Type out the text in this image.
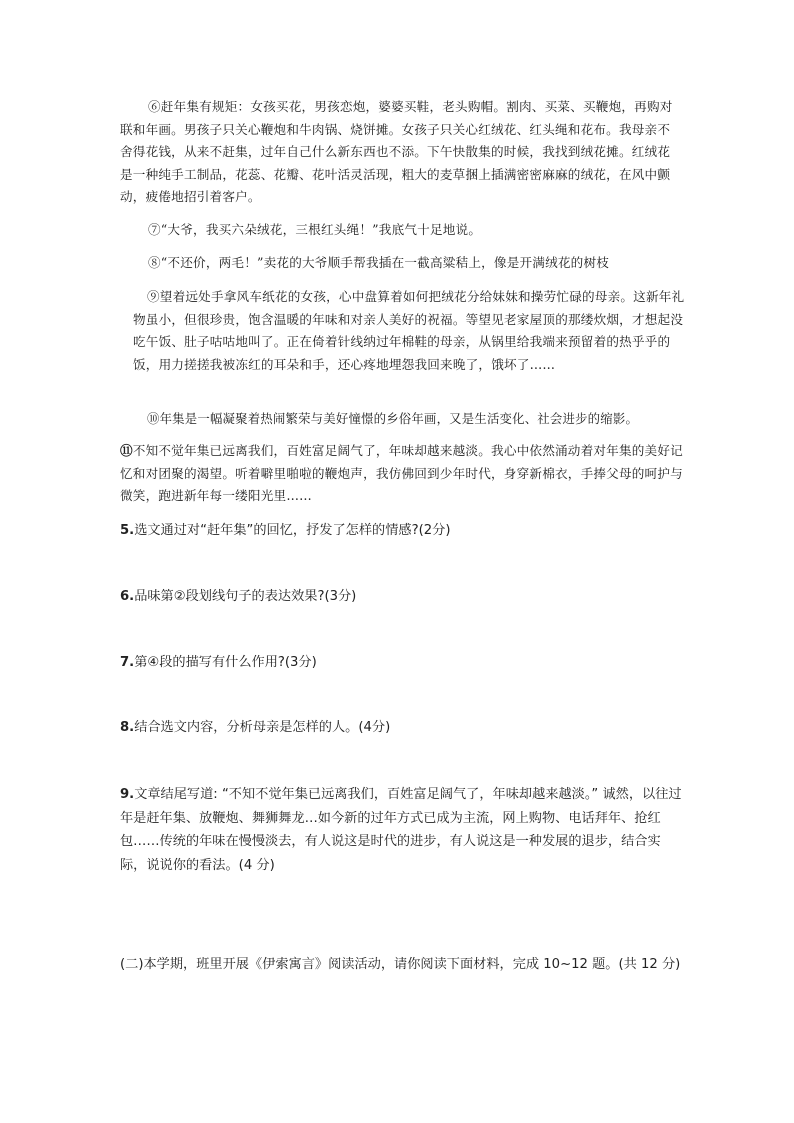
⑥赶年集有规矩：女孩买花，男孩恋炮，婆婆买鞋，老头购帽。割肉、买菜、买鞭炮，再购对联和年画。男孩子只关心鞭炮和牛肉锅、烧饼摊。女孩子只关心红绒花、红头绳和花布。我母亲不舍得花钱，从来不赶集，过年自己什么新东西也不添。下午快散集的时候，我找到绒花摊。红绒花是一种纯手工制品，花蕊、花瓣、花叶活灵活现，粗大的麦草捆上插满密密麻麻的绒花，在风中颤动，疲倦地招引着客户。
⑦“大爷，我买六朵绒花，三根红头绳！”我底气十足地说。
⑧“不还价，两毛！”卖花的大爷顺手帮我插在一截高粱秸上，像是开满绒花的树枝
⑨望着远处手拿风车纸花的女孩，心中盘算着如何把绒花分给妹妹和操劳忙碌的母亲。这新年礼物虽小，但很珍贵，饱含温暖的年味和对亲人美好的祝福。等望见老家屋顶的那缕炊烟，才想起没吃午饭、肚子咕咕地叫了。正在倚着针线纳过年棉鞋的母亲，从锅里给我端来预留着的热乎乎的饭，用力搓搓我被冻红的耳朵和手，还心疼地埋怨我回来晚了，饿坏了……
⑩年集是一幅凝聚着热闹繁荣与美好憧憬的乡俗年画，又是生活变化、社会进步的缩影。
⑪不知不觉年集已远离我们，百姓富足阔气了，年味却越来越淡。我心中依然涌动着对年集的美好记忆和对团聚的渴望。听着噼里啪啦的鞭炮声，我仿佛回到少年时代，身穿新棉衣，手捧父母的呵护与微笑，跑进新年每一缕阳光里……
5.选文通过对“赶年集”的回忆，抒发了怎样的情感?(2分)
6.品味第②段划线句子的表达效果?(3分)
7.第④段的描写有什么作用?(3分)
8.结合选文内容，分析母亲是怎样的人。(4分)
9.文章结尾写道: “不知不觉年集已远离我们，百姓富足阔气了，年味却越来越淡。” 诚然，以往过年是赶年集、放鞭炮、舞狮舞龙…如今新的过年方式已成为主流，网上购物、电话拜年、抢红包……传统的年味在慢慢淡去，有人说这是时代的进步，有人说这是一种发展的退步，结合实际，说说你的看法。(4 分)
(二)本学期，班里开展《伊索寓言》阅读活动，请你阅读下面材料，完成 10~12 题。(共 12 分)
